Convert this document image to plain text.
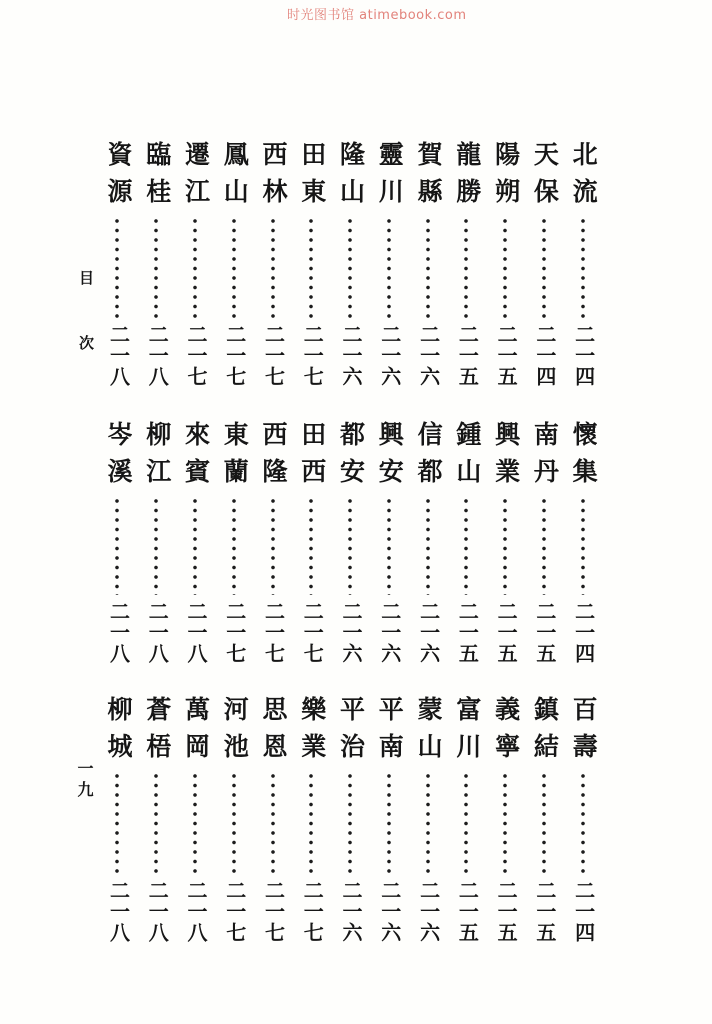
时光图书馆 atimebook.com
目次
一九
北流
二一四
天保
二一四
陽朔
二一五
龍勝
二一五
賀縣
二一六
靈川
二一六
隆山
二一六
田東
二一七
西林
二一七
鳳山
二一七
遷江
二一七
臨桂
二一八
資源
二一八
懷集
二一四
南丹
二一五
興業
二一五
鍾山
二一五
信都
二一六
興安
二一六
都安
二一六
田西
二一七
西隆
二一七
東蘭
二一七
來賓
二一八
柳江
二一八
岑溪
二一八
百壽
二一四
鎮結
二一五
義寧
二一五
富川
二一五
蒙山
二一六
平南
二一六
平治
二一六
樂業
二一七
思恩
二一七
河池
二一七
萬岡
二一八
蒼梧
二一八
柳城
二一八
